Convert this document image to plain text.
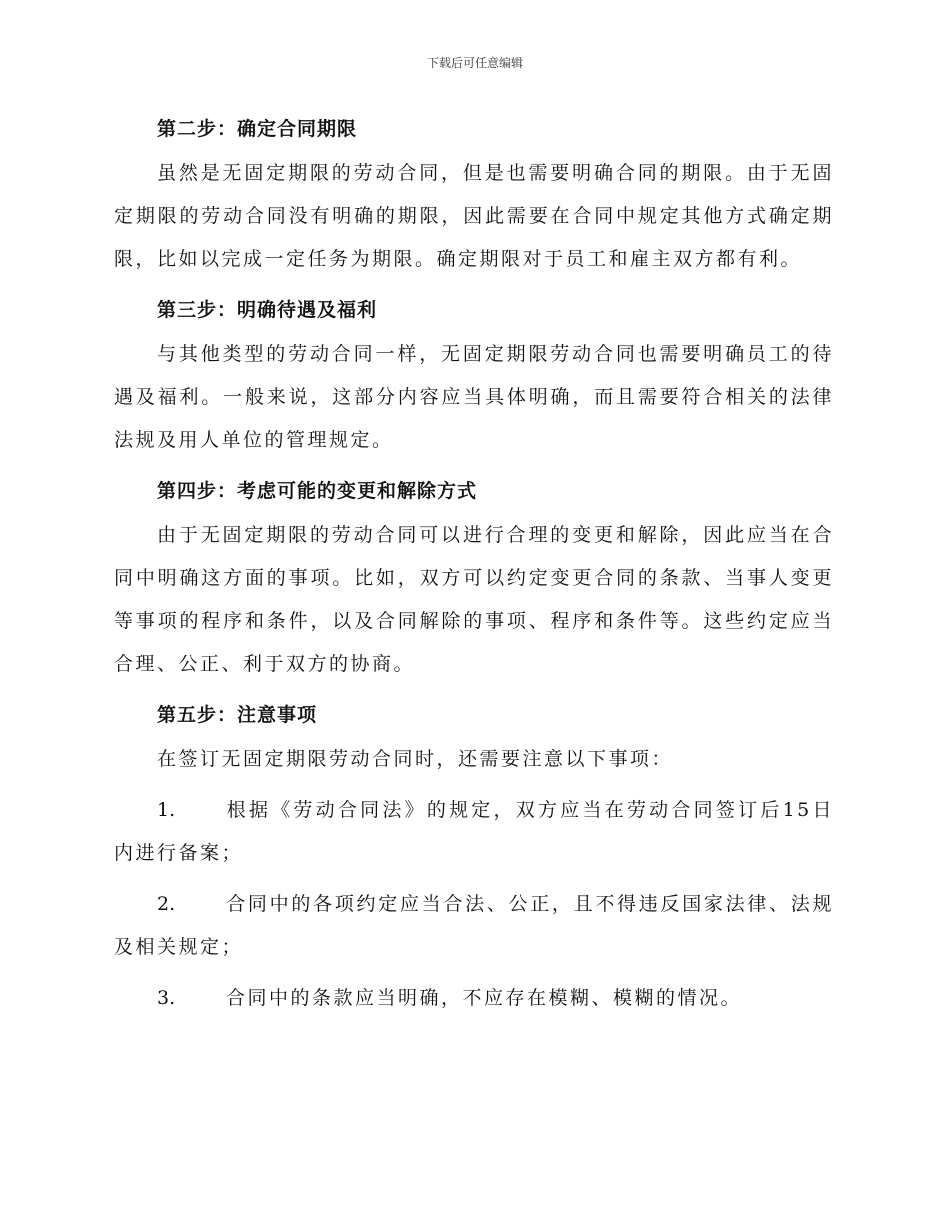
下载后可任意编辑
第二步：确定合同期限

虽然是无固定期限的劳动合同，但是也需要明确合同的期限。由于无固定期限的劳动合同没有明确的期限，因此需要在合同中规定其他方式确定期限，比如以完成一定任务为期限。确定期限对于员工和雇主双方都有利。

第三步：明确待遇及福利

与其他类型的劳动合同一样，无固定期限劳动合同也需要明确员工的待遇及福利。一般来说，这部分内容应当具体明确，而且需要符合相关的法律法规及用人单位的管理规定。

第四步：考虑可能的变更和解除方式

由于无固定期限的劳动合同可以进行合理的变更和解除，因此应当在合同中明确这方面的事项。比如，双方可以约定变更合同的条款、当事人变更等事项的程序和条件，以及合同解除的事项、程序和条件等。这些约定应当合理、公正、利于双方的协商。

第五步：注意事项

在签订无固定期限劳动合同时，还需要注意以下事项：

1.	根据《劳动合同法》的规定，双方应当在劳动合同签订后15日内进行备案；

2.	合同中的各项约定应当合法、公正，且不得违反国家法律、法规及相关规定；

3.	合同中的条款应当明确，不应存在模糊、模糊的情况。
